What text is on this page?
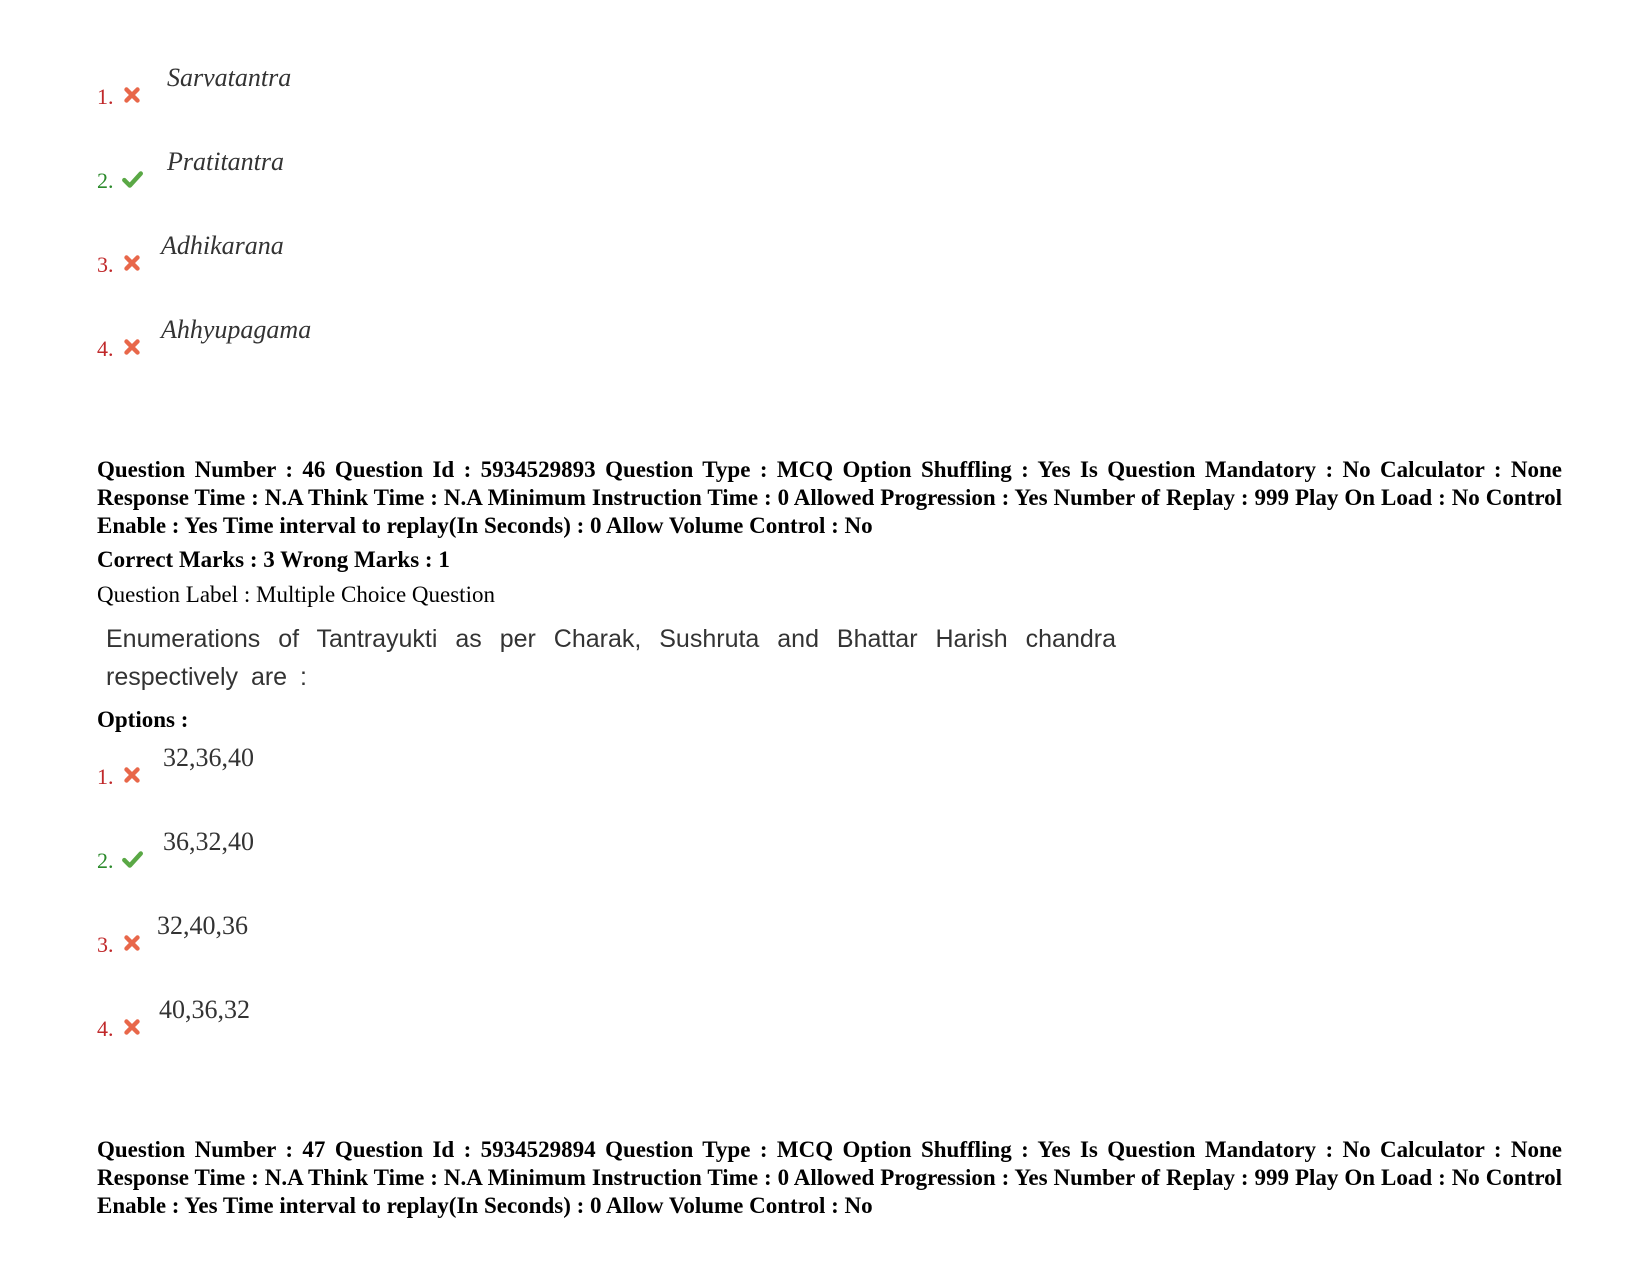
1.
Sarvatantra
2.
Pratitantra
3.
Adhikarana
4.
Ahhyupagama

Question Number : 46 Question Id : 5934529893 Question Type : MCQ Option Shuffling : Yes Is Question Mandatory : No Calculator : None Response Time : N.A Think Time : N.A Minimum Instruction Time : 0 Allowed Progression : Yes Number of Replay : 999 Play On Load : No Control Enable : Yes Time interval to replay(In Seconds) : 0 Allow Volume Control : No

Correct Marks : 3 Wrong Marks : 1
Question Label : Multiple Choice Question

Enumerations of Tantrayukti as per Charak, Sushruta and Bhattar Harish chandra respectively are :

Options :
1.
32,36,40
2.
36,32,40
3.
32,40,36
4.
40,36,32

Question Number : 47 Question Id : 5934529894 Question Type : MCQ Option Shuffling : Yes Is Question Mandatory : No Calculator : None Response Time : N.A Think Time : N.A Minimum Instruction Time : 0 Allowed Progression : Yes Number of Replay : 999 Play On Load : No Control Enable : Yes Time interval to replay(In Seconds) : 0 Allow Volume Control : No
